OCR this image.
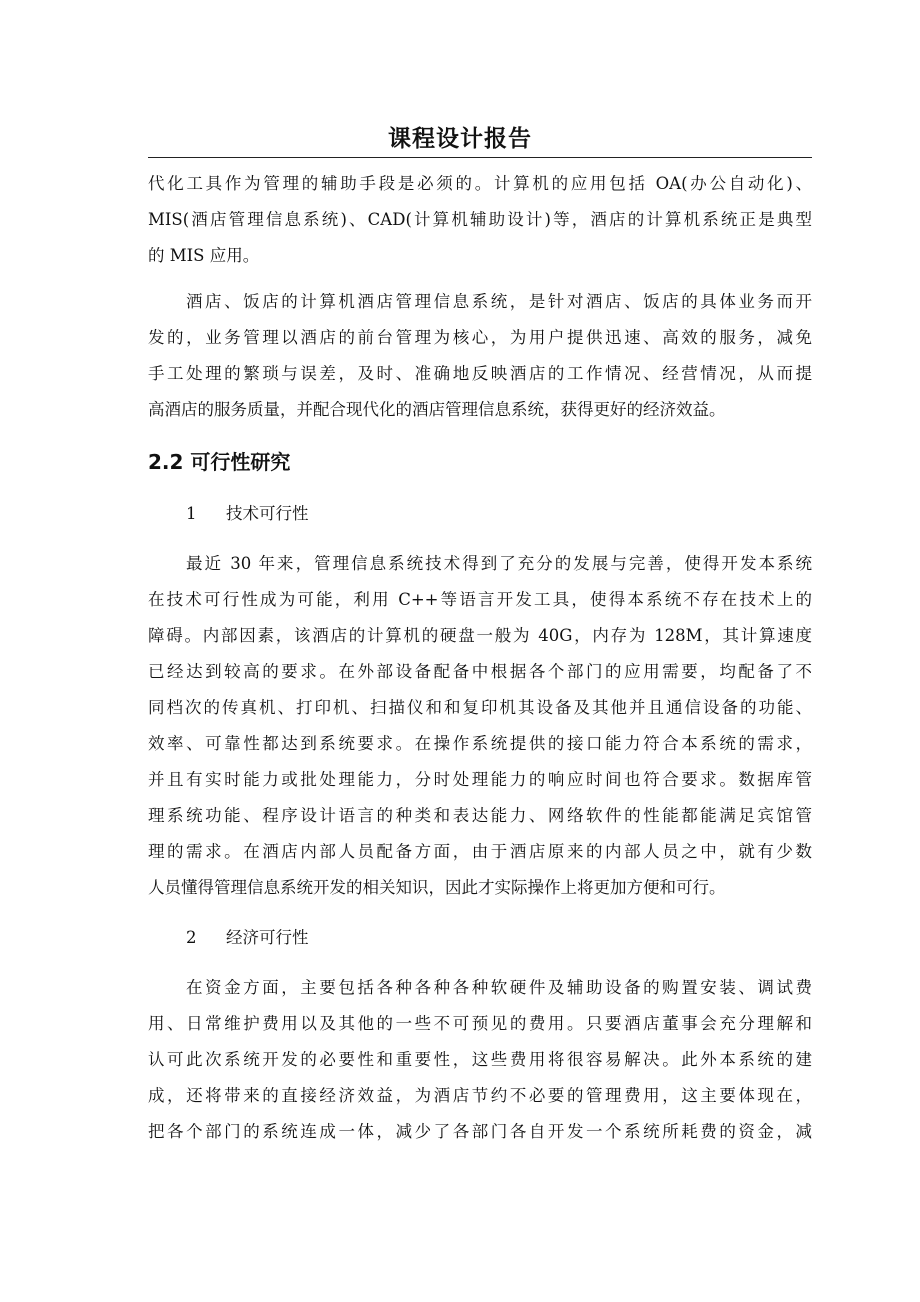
课程设计报告
代化工具作为管理的辅助手段是必须的。计算机的应用包括 OA(办公自动化)、
MIS(酒店管理信息系统)、CAD(计算机辅助设计)等，酒店的计算机系统正是典型
的 MIS 应用。
酒店、饭店的计算机酒店管理信息系统，是针对酒店、饭店的具体业务而开
发的，业务管理以酒店的前台管理为核心，为用户提供迅速、高效的服务，减免
手工处理的繁琐与误差，及时、准确地反映酒店的工作情况、经营情况，从而提
高酒店的服务质量，并配合现代化的酒店管理信息系统，获得更好的经济效益。
2.2 可行性研究
1 技术可行性
最近 30 年来，管理信息系统技术得到了充分的发展与完善，使得开发本系统
在技术可行性成为可能，利用 C++等语言开发工具，使得本系统不存在技术上的
障碍。内部因素，该酒店的计算机的硬盘一般为 40G，内存为 128M，其计算速度
已经达到较高的要求。在外部设备配备中根据各个部门的应用需要，均配备了不
同档次的传真机、打印机、扫描仪和和复印机其设备及其他并且通信设备的功能、
效率、可靠性都达到系统要求。在操作系统提供的接口能力符合本系统的需求，
并且有实时能力或批处理能力，分时处理能力的响应时间也符合要求。数据库管
理系统功能、程序设计语言的种类和表达能力、网络软件的性能都能满足宾馆管
理的需求。在酒店内部人员配备方面，由于酒店原来的内部人员之中，就有少数
人员懂得管理信息系统开发的相关知识，因此才实际操作上将更加方便和可行。
2 经济可行性
在资金方面，主要包括各种各种各种软硬件及辅助设备的购置安装、调试费
用、日常维护费用以及其他的一些不可预见的费用。只要酒店董事会充分理解和
认可此次系统开发的必要性和重要性，这些费用将很容易解决。此外本系统的建
成，还将带来的直接经济效益，为酒店节约不必要的管理费用，这主要体现在，
把各个部门的系统连成一体，减少了各部门各自开发一个系统所耗费的资金，减
